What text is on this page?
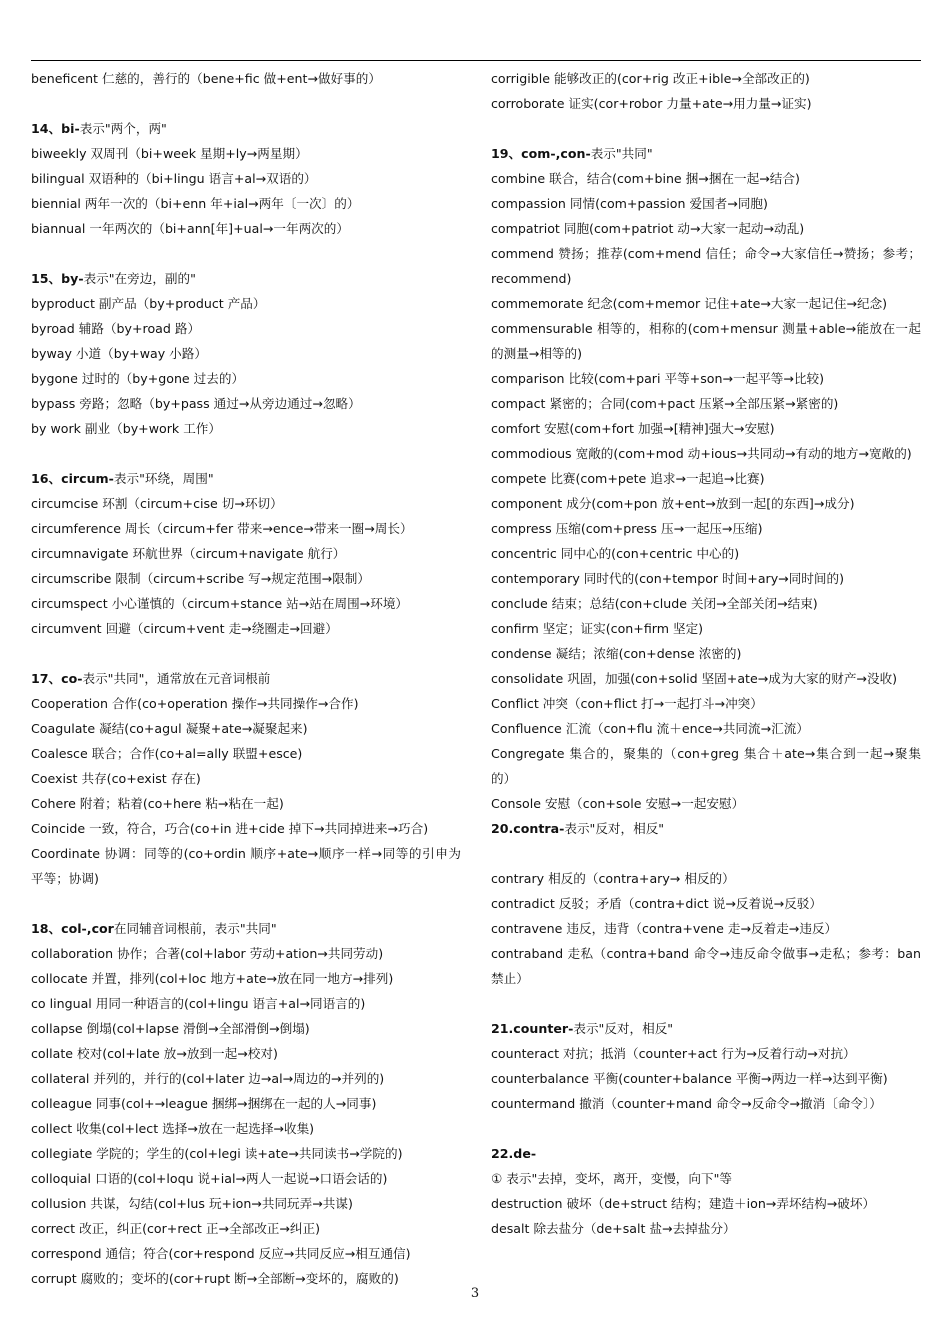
beneficent 仁慈的，善行的（bene+fic 做+ent→做好事的）
14、bi-表示"两个，两"
biweekly 双周刊（bi+week 星期+ly→两星期）
bilingual 双语种的（bi+lingu 语言+al→双语的）
biennial 两年一次的（bi+enn 年+ial→两年〔一次〕的）
biannual 一年两次的（bi+ann[年]+ual→一年两次的）
15、by-表示"在旁边，副的"
byproduct 副产品（by+product 产品）
byroad 辅路（by+road 路）
byway 小道（by+way 小路）
bygone 过时的（by+gone 过去的）
bypass 旁路；忽略（by+pass 通过→从旁边通过→忽略）
by work 副业（by+work 工作）
16、circum-表示"环绕，周围"
circumcise 环割（circum+cise 切→环切）
circumference 周长（circum+fer 带来→ence→带来一圈→周长）
circumnavigate 环航世界（circum+navigate 航行）
circumscribe 限制（circum+scribe 写→规定范围→限制）
circumspect 小心谨慎的（circum+stance 站→站在周围→环境）
circumvent 回避（circum+vent 走→绕圈走→回避）
17、co-表示"共同"，通常放在元音词根前
Cooperation 合作(co+operation 操作→共同操作→合作)
Coagulate 凝结(co+agul 凝聚+ate→凝聚起来)
Coalesce 联合；合作(co+al=ally 联盟+esce)
Coexist 共存(co+exist 存在)
Cohere 附着；粘着(co+here 粘→粘在一起)
Coincide 一致，符合，巧合(co+in 进+cide 掉下→共同掉进来→巧合)
Coordinate 协调：同等的(co+ordin 顺序+ate→顺序一样→同等的引申为平等；协调)
18、col-,cor在同辅音词根前，表示"共同"
collaboration 协作；合著(col+labor 劳动+ation→共同劳动)
collocate 并置，排列(col+loc 地方+ate→放在同一地方→排列)
co lingual 用同一种语言的(col+lingu 语言+al→同语言的)
collapse 倒塌(col+lapse 滑倒→全部滑倒→倒塌)
collate 校对(col+late 放→放到一起→校对)
collateral 并列的，并行的(col+later 边→al→周边的→并列的)
colleague 同事(col+→league 捆绑→捆绑在一起的人→同事)
collect 收集(col+lect 选择→放在一起选择→收集)
collegiate 学院的；学生的(col+legi 读+ate→共同读书→学院的)
colloquial 口语的(col+loqu 说+ial→两人一起说→口语会话的)
collusion 共谋，勾结(col+lus 玩+ion→共同玩弄→共谋)
correct 改正，纠正(cor+rect 正→全部改正→纠正)
correspond 通信；符合(cor+respond 反应→共同反应→相互通信)
corrupt 腐败的；变坏的(cor+rupt 断→全部断→变坏的，腐败的)
corrigible 能够改正的(cor+rig 改正+ible→全部改正的)
corroborate 证实(cor+robor 力量+ate→用力量→证实)
19、com-,con-表示"共同"
combine 联合，结合(com+bine 捆→捆在一起→结合)
compassion 同情(com+passion 爱国者→同胞)
compatriot 同胞(com+patriot 动→大家一起动→动乱)
commend 赞扬；推荐(com+mend 信任；命令→大家信任→赞扬；参考；recommend)
commemorate 纪念(com+memor 记住+ate→大家一起记住→纪念)
commensurable 相等的，相称的(com+mensur 测量+able→能放在一起的测量→相等的)
comparison 比较(com+pari 平等+son→一起平等→比较)
compact 紧密的；合同(com+pact 压紧→全部压紧→紧密的)
comfort 安慰(com+fort 加强→[精神]强大→安慰)
commodious 宽敞的(com+mod 动+ious→共同动→有动的地方→宽敞的)
compete 比赛(com+pete 追求→一起追→比赛)
component 成分(com+pon 放+ent→放到一起[的东西]→成分)
compress 压缩(com+press 压→一起压→压缩)
concentric 同中心的(con+centric 中心的)
contemporary 同时代的(con+tempor 时间+ary→同时间的)
conclude 结束；总结(con+clude 关闭→全部关闭→结束)
confirm 坚定；证实(con+firm 坚定)
condense 凝结；浓缩(con+dense 浓密的)
consolidate 巩固，加强(con+solid 坚固+ate→成为大家的财产→没收)
Conflict 冲突（con+flict 打→一起打斗→冲突）
Confluence 汇流（con+flu 流＋ence→共同流→汇流）
Congregate 集合的，聚集的（con+greg 集合＋ate→集合到一起→聚集的）
Console 安慰（con+sole 安慰→一起安慰）
20.contra-表示"反对，相反"
contrary 相反的（contra+ary→ 相反的）
contradict 反驳；矛盾（contra+dict 说→反着说→反驳）
contravene 违反，违背（contra+vene 走→反着走→违反）
contraband 走私（contra+band 命令→违反命令做事→走私；参考：ban 禁止）
21.counter-表示"反对，相反"
counteract 对抗；抵消（counter+act 行为→反着行动→对抗）
counterbalance 平衡(counter+balance 平衡→两边一样→达到平衡)
countermand 撤消（counter+mand 命令→反命令→撤消〔命令〕）
22.de-
① 表示"去掉，变坏，离开，变慢，向下"等
destruction 破坏（de+struct 结构；建造＋ion→弄坏结构→破坏）
desalt 除去盐分（de+salt 盐→去掉盐分）
3
